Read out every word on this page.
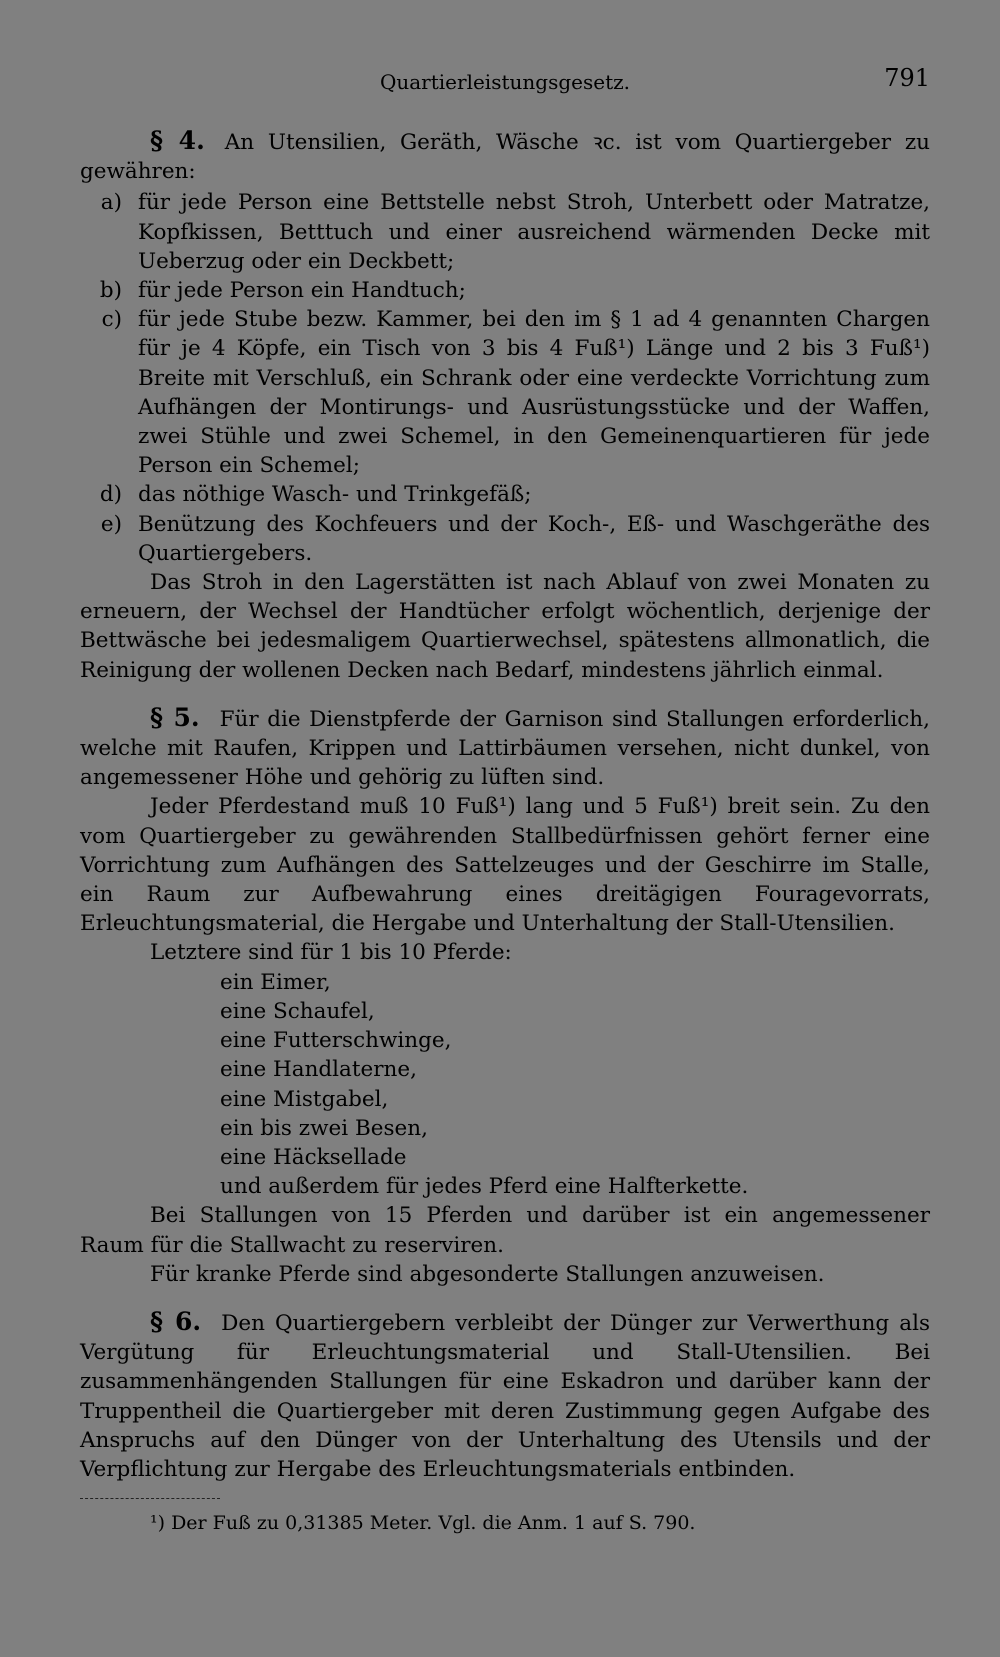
Quartierleistungsgesetz.	791

§ 4. An Utensilien, Geräth, Wäsche ꝛc. ist vom Quartiergeber zu gewähren:

a) für jede Person eine Bettstelle nebst Stroh, Unterbett oder Matratze, Kopfkissen, Betttuch und einer ausreichend wärmenden Decke mit Ueberzug oder ein Deckbett;
b) für jede Person ein Handtuch;
c) für jede Stube bezw. Kammer, bei den im § 1 ad 4 genannten Chargen für je 4 Köpfe, ein Tisch von 3 bis 4 Fuß¹) Länge und 2 bis 3 Fuß¹) Breite mit Verschluß, ein Schrank oder eine verdeckte Vorrichtung zum Aufhängen der Montirungs- und Ausrüstungsstücke und der Waffen, zwei Stühle und zwei Schemel, in den Gemeinenquartieren für jede Person ein Schemel;
d) das nöthige Wasch- und Trinkgefäß;
e) Benützung des Kochfeuers und der Koch-, Eß- und Waschgeräthe des Quartiergebers.

Das Stroh in den Lagerstätten ist nach Ablauf von zwei Monaten zu erneuern, der Wechsel der Handtücher erfolgt wöchentlich, derjenige der Bettwäsche bei jedesmaligem Quartierwechsel, spätestens allmonatlich, die Reinigung der wollenen Decken nach Bedarf, mindestens jährlich einmal.

§ 5. Für die Dienstpferde der Garnison sind Stallungen erforderlich, welche mit Raufen, Krippen und Lattirbäumen versehen, nicht dunkel, von angemessener Höhe und gehörig zu lüften sind.

Jeder Pferdestand muß 10 Fuß¹) lang und 5 Fuß¹) breit sein. Zu den vom Quartiergeber zu gewährenden Stallbedürfnissen gehört ferner eine Vorrichtung zum Aufhängen des Sattelzeuges und der Geschirre im Stalle, ein Raum zur Aufbewahrung eines dreitägigen Fouragevorrats, Erleuchtungsmaterial, die Hergabe und Unterhaltung der Stall-Utensilien.

Letztere sind für 1 bis 10 Pferde:

ein Eimer,
eine Schaufel,
eine Futterschwinge,
eine Handlaterne,
eine Mistgabel,
ein bis zwei Besen,
eine Häcksellade
und außerdem für jedes Pferd eine Halfterkette.

Bei Stallungen von 15 Pferden und darüber ist ein angemessener Raum für die Stallwacht zu reserviren.

Für kranke Pferde sind abgesonderte Stallungen anzuweisen.

§ 6. Den Quartiergebern verbleibt der Dünger zur Verwerthung als Vergütung für Erleuchtungsmaterial und Stall-Utensilien. Bei zusammenhängenden Stallungen für eine Eskadron und darüber kann der Truppentheil die Quartiergeber mit deren Zustimmung gegen Aufgabe des Anspruchs auf den Dünger von der Unterhaltung des Utensils und der Verpflichtung zur Hergabe des Erleuchtungsmaterials entbinden.

¹) Der Fuß zu 0,31385 Meter. Vgl. die Anm. 1 auf S. 790.
